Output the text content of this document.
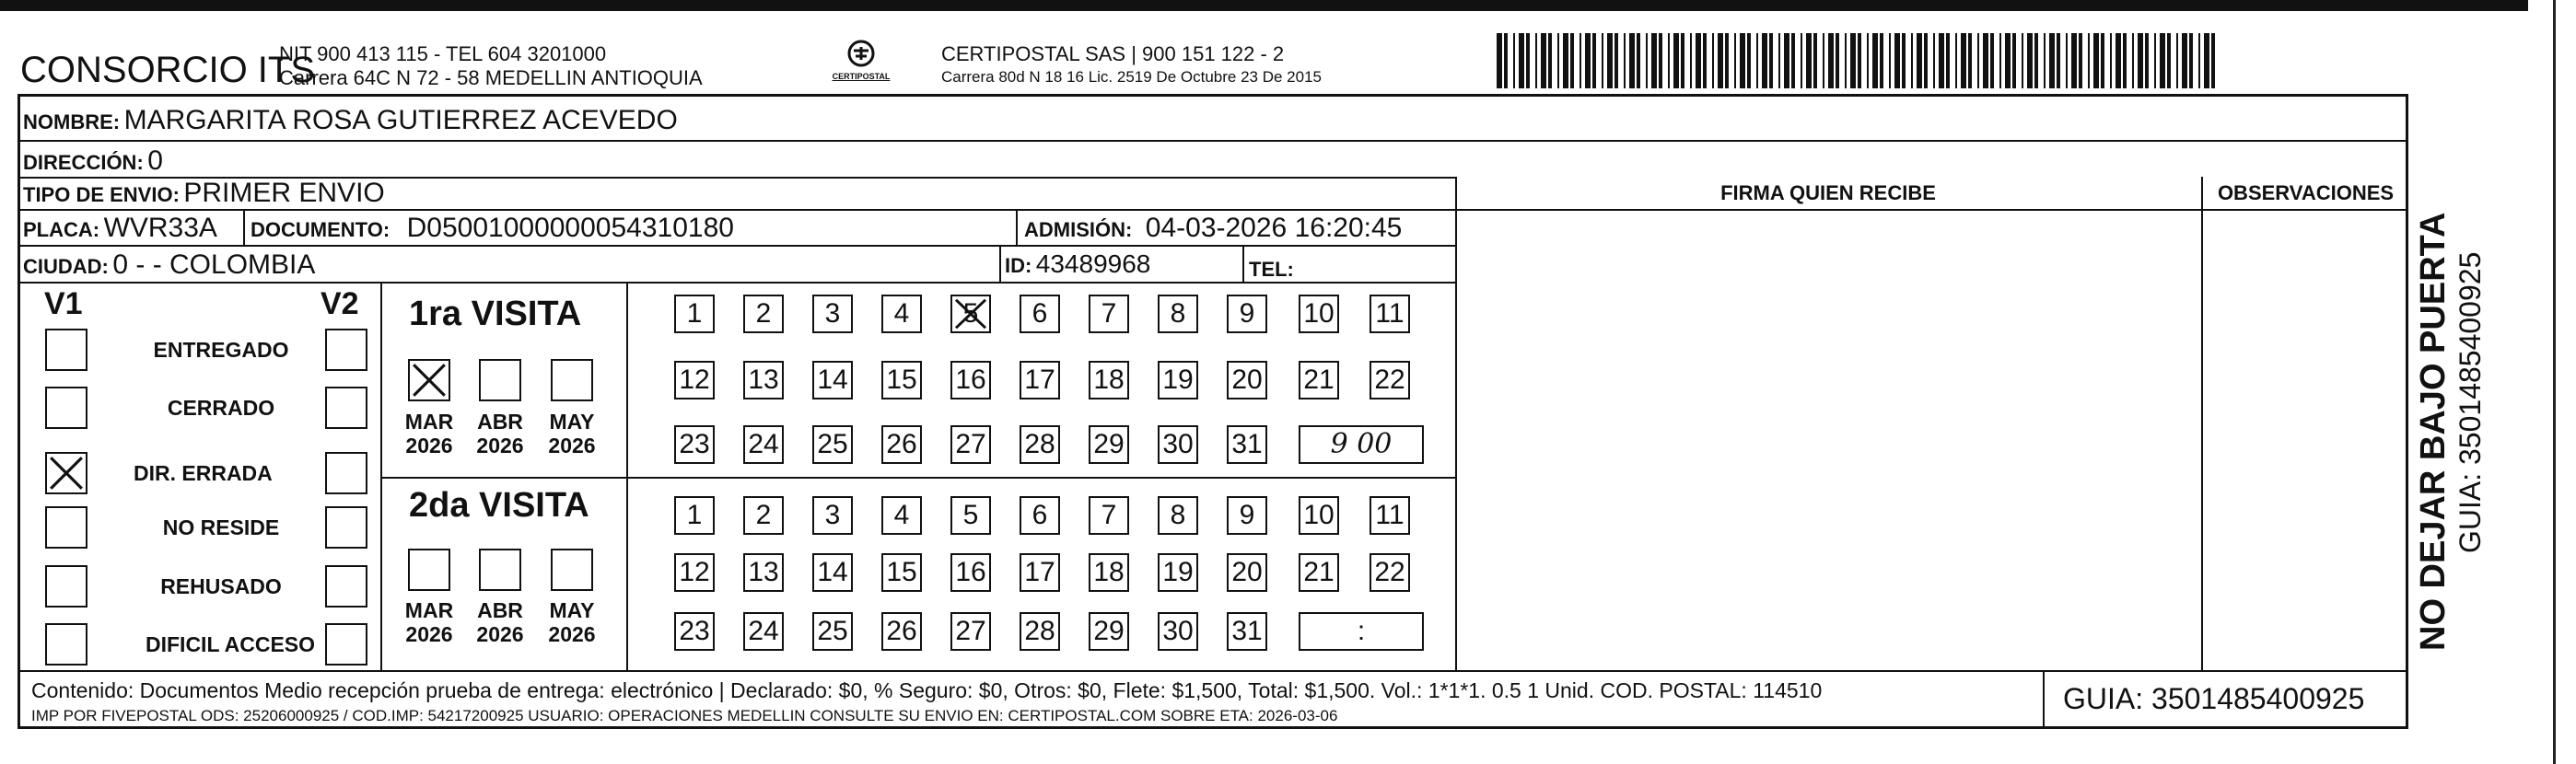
CONSORCIO ITS
NIT 900 413 115 - TEL 604 3201000
Carrera 64C N 72 - 58 MEDELLIN ANTIOQUIA	CERTIPOSTAL
CERTIPOSTAL SAS | 900 151 122 - 2
Carrera 80d N 18 16 Lic. 2519 De Octubre 23 De 2015
NOMBRE: MARGARITA ROSA GUTIERREZ ACEVEDO
DIRECCIÓN: 0
TIPO DE ENVIO: PRIMER ENVIO
PLACA: WVR33A DOCUMENTO: D05001000000054310180	ADMISIÓN: 04-03-2026 16:20:45
CIUDAD: 0 - - COLOMBIA	ID: 43489968	TEL:
FIRMA QUIEN RECIBE	OBSERVACIONES
V1	V2
ENTREGADO
CERRADO
DIR. ERRADA
NO RESIDE
REHUSADO
DIFICIL ACCESO
1ra VISITA
2da VISITA
MAR
2026
ABR
2026
MAY
2026
MAR
2026
ABR
2026
MAY
2026
1	2	3	4	5	6	7	8	9	10 11
12 13 14 15 16 17 18 19 20 21 22
23 24 25 26 27 28 29 30 31	9 00
1	2	3	4	5	6	7	8	9	10 11
12 13 14 15 16 17 18 19 20 21 22
23 24 25 26 27 28 29 30 31	:
Contenido: Documentos Medio recepción prueba de entrega: electrónico | Declarado: $0, % Seguro: $0, Otros: $0, Flete: $1,500, Total: $1,500. Vol.: 1*1*1. 0.5 1 Unid. COD. POSTAL: 114510
IMP POR FIVEPOSTAL ODS: 25206000925 / COD.IMP: 54217200925 USUARIO: OPERACIONES MEDELLIN CONSULTE SU ENVIO EN: CERTIPOSTAL.COM SOBRE ETA: 2026-03-06
GUIA: 3501485400925
NO DEJAR BAJO PUERTA GUIA: 3501485400925
